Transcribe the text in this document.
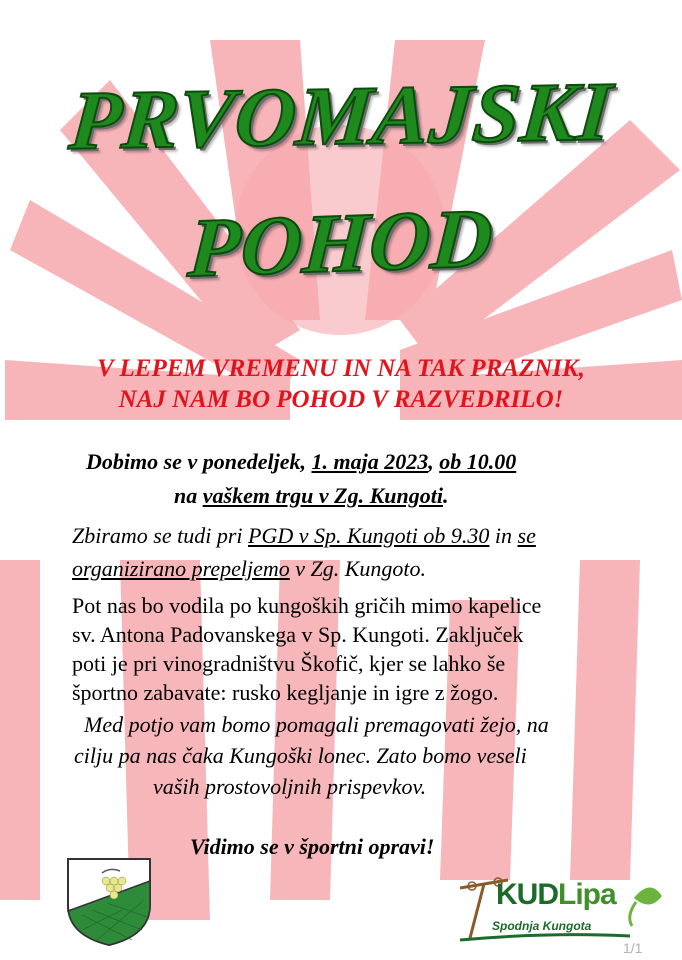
PRVOMAJSKI
POHOD
V LEPEM VREMENU IN NA TAK PRAZNIK,
NAJ NAM BO POHOD V RAZVEDRILO!
Dobimo se v ponedeljek, 1. maja 2023, ob 10.00
na vaškem trgu v Zg. Kungoti.
Zbiramo se tudi pri PGD v Sp. Kungoti ob 9.30 in se
organizirano prepeljemo v Zg. Kungoto.
Pot nas bo vodila po kungoških gričih mimo kapelice
sv. Antona Padovanskega v Sp. Kungoti. Zaključek
poti je pri vinogradništvu Škofič, kjer se lahko še
športno zabavate: rusko kegljanje in igre z žogo.
Med potjo vam bomo pomagali premagovati žejo, na
cilju pa nas čaka Kungoški lonec. Zato bomo veseli
vaših prostovoljnih prispevkov.
Vidimo se v športni opravi!
KUDLipa
Spodnja Kungota
1/1
